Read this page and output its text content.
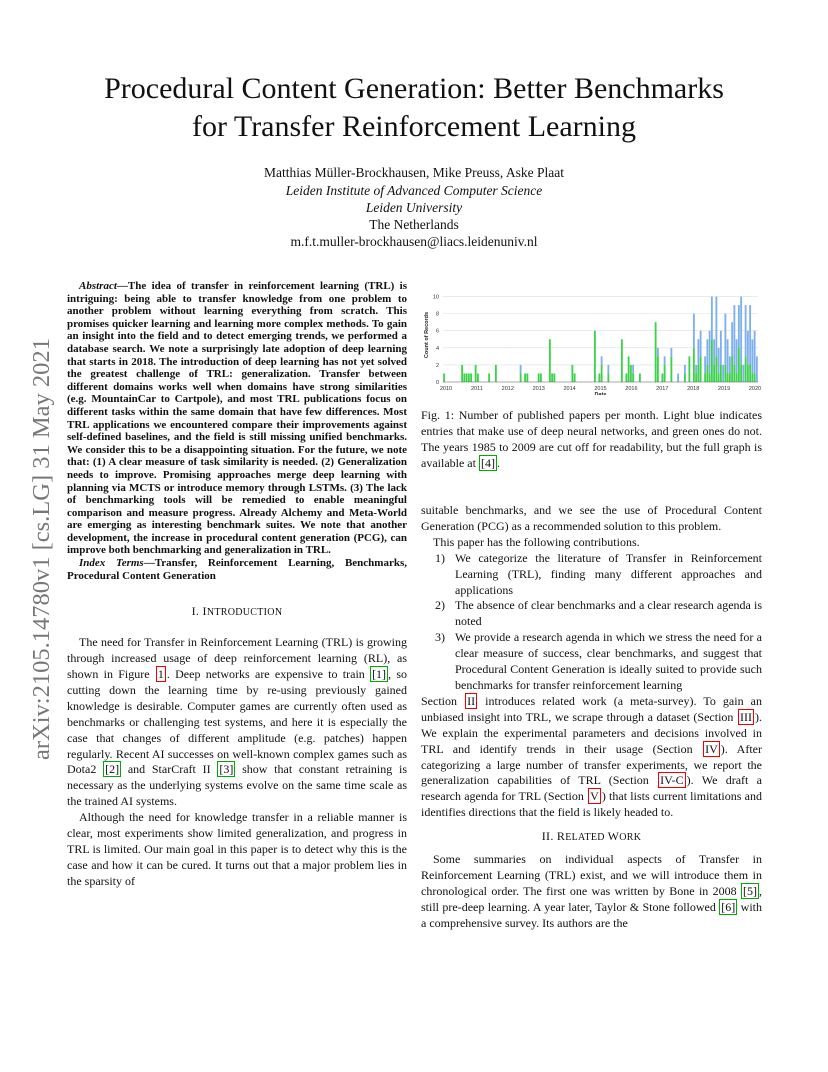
arXiv:2105.14780v1 [cs.LG] 31 May 2021
Procedural Content Generation: Better Benchmarks
for Transfer Reinforcement Learning
Matthias Müller-Brockhausen, Mike Preuss, Aske Plaat
Leiden Institute of Advanced Computer Science
Leiden University
The Netherlands
m.f.t.muller-brockhausen@liacs.leidenuniv.nl

Abstract—The idea of transfer in reinforcement learning (TRL) is intriguing: being able to transfer knowledge from one problem to another problem without learning everything from scratch. This promises quicker learning and learning more complex methods. To gain an insight into the field and to detect emerging trends, we performed a database search. We note a surprisingly late adoption of deep learning that starts in 2018. The introduction of deep learning has not yet solved the greatest challenge of TRL: generalization. Transfer between different domains works well when domains have strong similarities (e.g. MountainCar to Cartpole), and most TRL publications focus on different tasks within the same domain that have few differences. Most TRL applications we encountered compare their improvements against self-defined baselines, and the field is still missing unified benchmarks. We consider this to be a disappointing situation. For the future, we note that: (1) A clear measure of task similarity is needed. (2) Generalization needs to improve. Promising approaches merge deep learning with planning via MCTS or introduce memory through LSTMs. (3) The lack of benchmarking tools will be remedied to enable meaningful comparison and measure progress. Already Alchemy and Meta-World are emerging as interesting benchmark suites. We note that another development, the increase in procedural content generation (PCG), can improve both benchmarking and generalization in TRL.

Index Terms—Transfer, Reinforcement Learning, Benchmarks, Procedural Content Generation

I. INTRODUCTION

The need for Transfer in Reinforcement Learning (TRL) is growing through increased usage of deep reinforcement learning (RL), as shown in Figure 1 . Deep networks are expensive to train [1] , so cutting down the learning time by re-using previously gained knowledge is desirable. Computer games are currently often used as benchmarks or challenging test systems, and here it is especially the case that changes of different amplitude (e.g. patches) happen regularly. Recent AI successes on well-known complex games such as Dota2 [2] and StarCraft II [3] show that constant retraining is necessary as the underlying systems evolve on the same time scale as the trained AI systems.

Although the need for knowledge transfer in a reliable manner is clear, most experiments show limited generalization, and progress in TRL is limited. Our main goal in this paper is to detect why this is the case and how it can be cured. It turns out that a major problem lies in the sparsity of

0
2
4
6
8
10
2010	2011	2012	2013	2014	2015	2016	2017	2018	2019	2020
Date
Count of Records
Fig. 1: Number of published papers per month. Light blue indicates entries that make use of deep neural networks, and green ones do not. The years 1985 to 2009 are cut off for readability, but the full graph is available at [4] .

suitable benchmarks, and we see the use of Procedural Content Generation (PCG) as a recommended solution to this problem.

This paper has the following contributions.

1) We categorize the literature of Transfer in Reinforcement Learning (TRL), finding many different approaches and applications
2) The absence of clear benchmarks and a clear research agenda is noted
3) We provide a research agenda in which we stress the need for a clear measure of success, clear benchmarks, and suggest that Procedural Content Generation is ideally suited to provide such benchmarks for transfer reinforcement learning

Section II introduces related work (a meta-survey). To gain an unbiased insight into TRL, we scrape through a dataset (Section III ). We explain the experimental parameters and decisions involved in TRL and identify trends in their usage (Section IV ). After categorizing a large number of transfer experiments, we report the generalization capabilities of TRL (Section IV-C ). We draft a research agenda for TRL (Section V ) that lists current limitations and identifies directions that the field is likely headed to.

II. RELATED WORK

Some summaries on individual aspects of Transfer in Reinforcement Learning (TRL) exist, and we will introduce them in chronological order. The first one was written by Bone in 2008 [5] , still pre-deep learning. A year later, Taylor & Stone followed [6] with a comprehensive survey. Its authors are the
